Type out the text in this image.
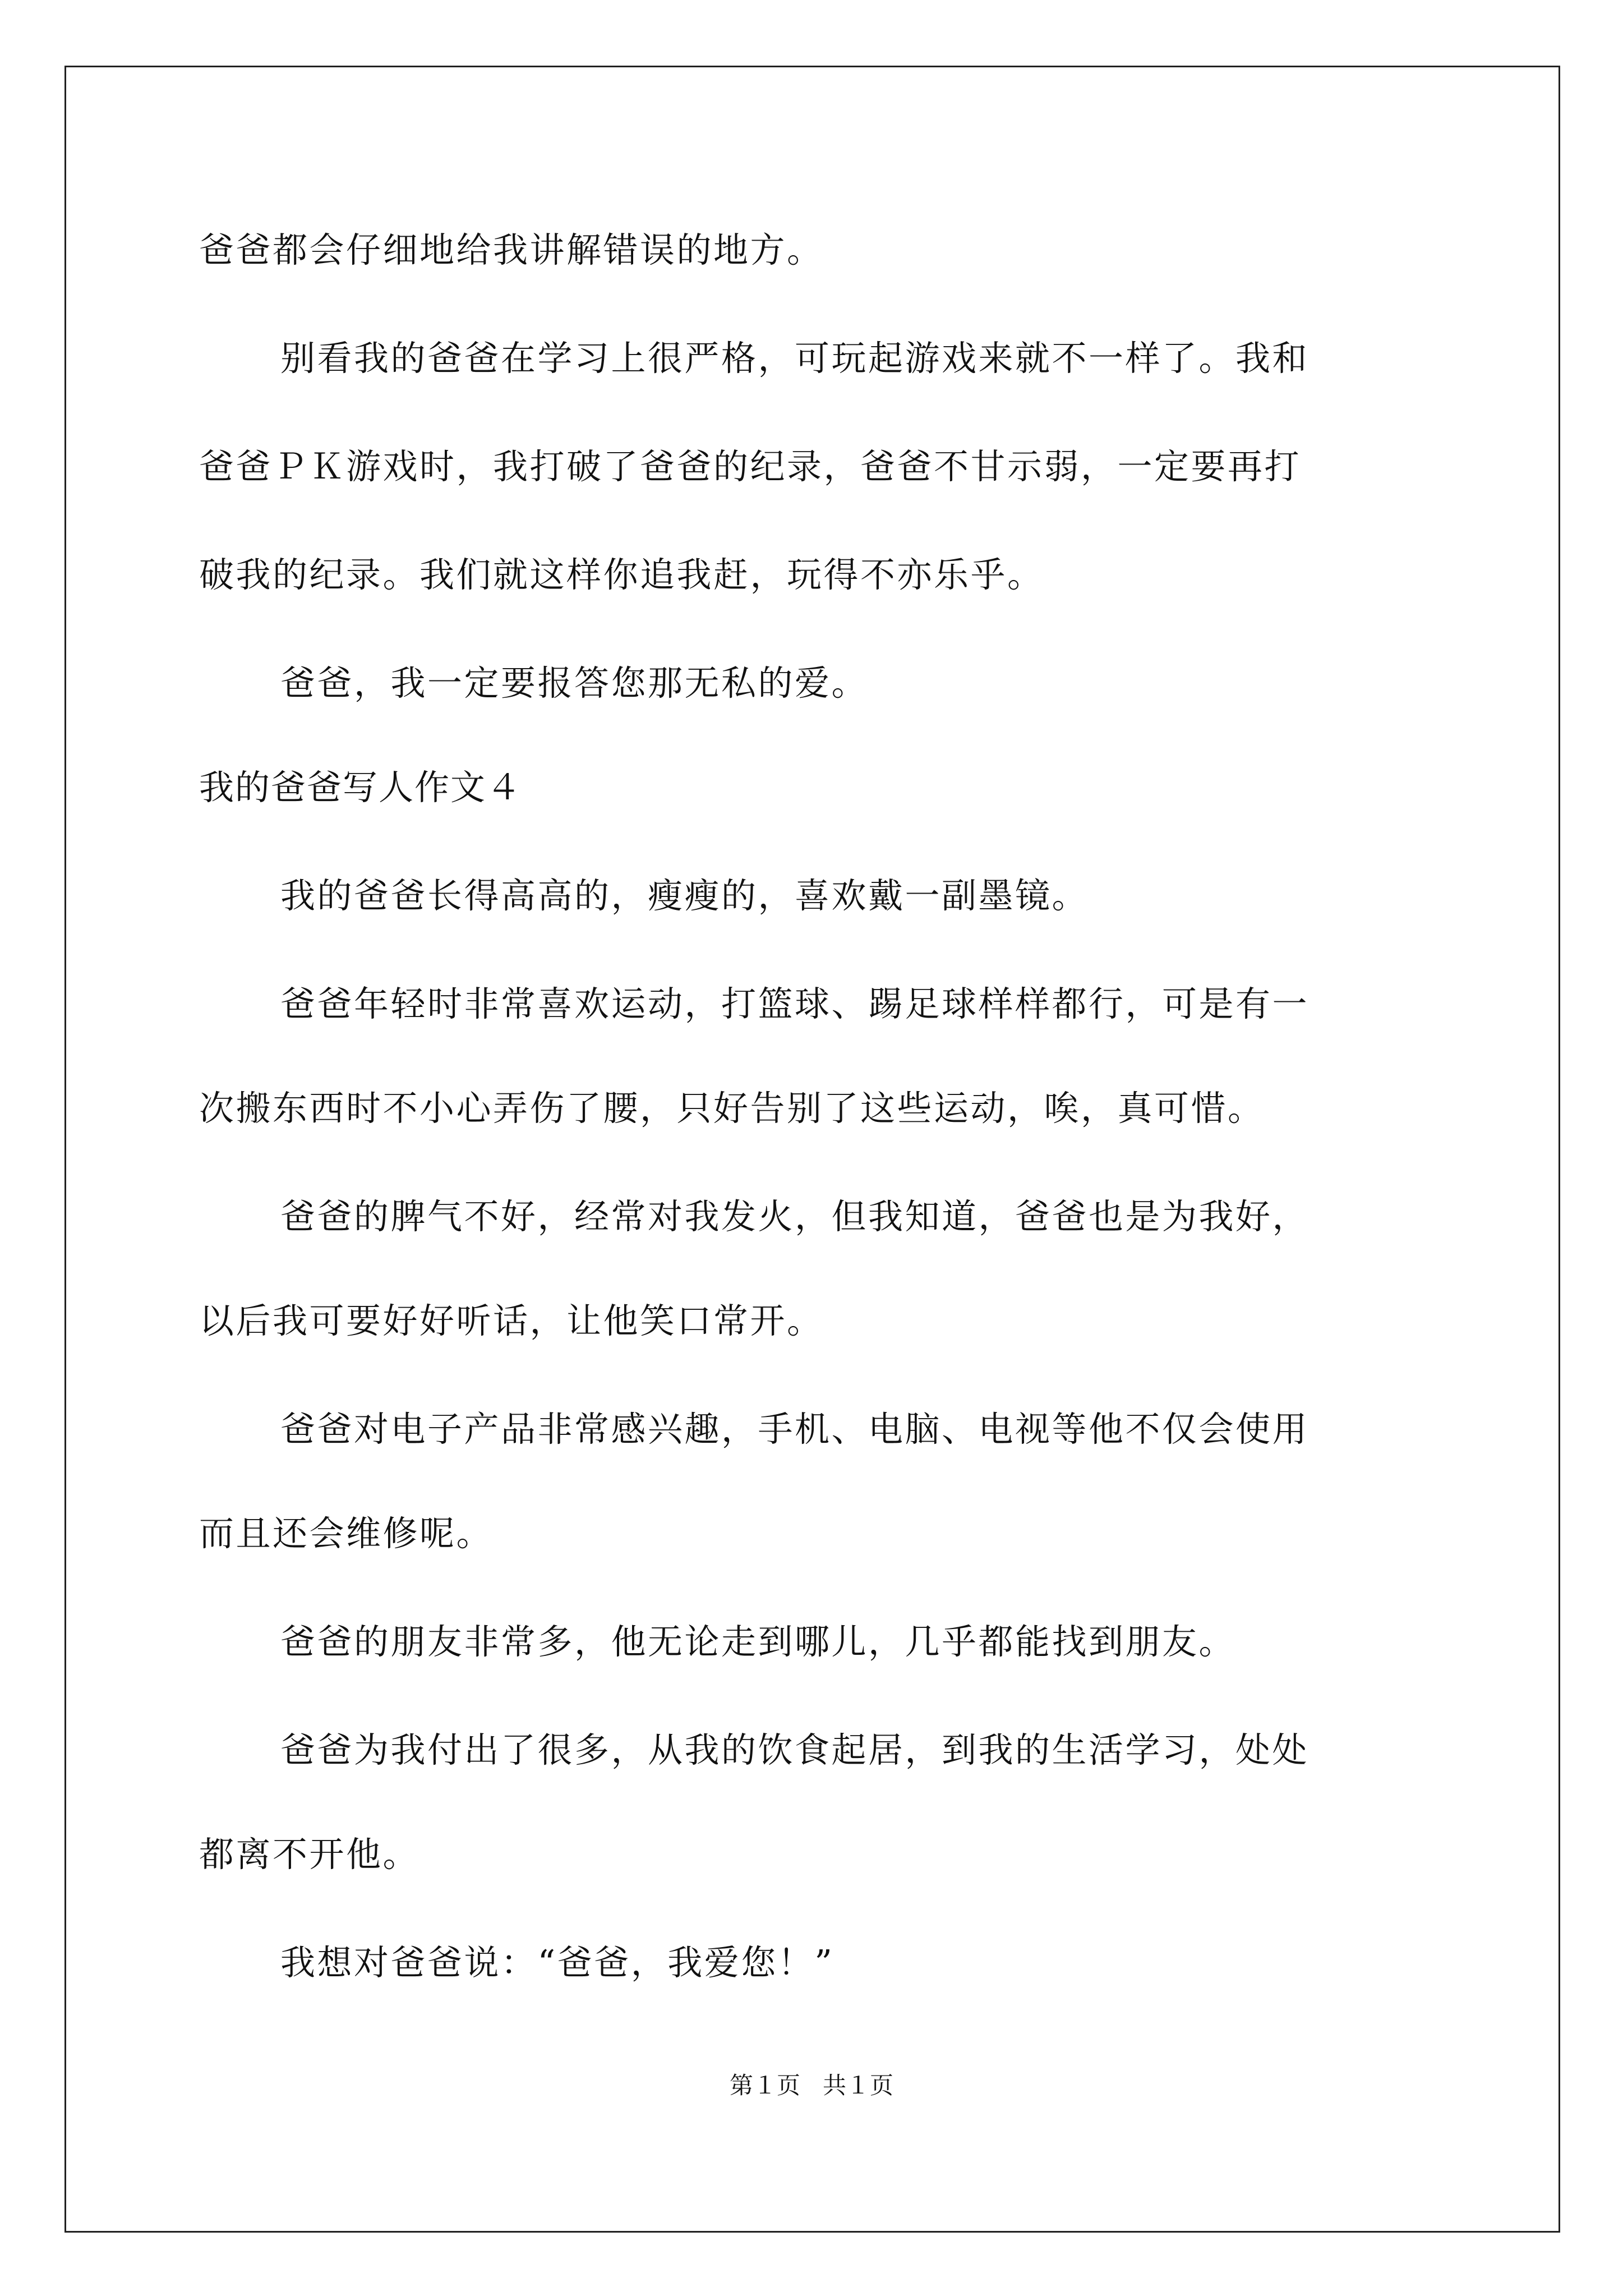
爸爸都会仔细地给我讲解错误的地方。
别看我的爸爸在学习上很严格，可玩起游戏来就不一样了。我和
爸爸ＰＫ游戏时，我打破了爸爸的纪录，爸爸不甘示弱，一定要再打
破我的纪录。我们就这样你追我赶，玩得不亦乐乎。
爸爸，我一定要报答您那无私的爱。
我的爸爸写人作文４
我的爸爸长得高高的，瘦瘦的，喜欢戴一副墨镜。
爸爸年轻时非常喜欢运动，打篮球、踢足球样样都行，可是有一
次搬东西时不小心弄伤了腰，只好告别了这些运动，唉，真可惜。
爸爸的脾气不好，经常对我发火，但我知道，爸爸也是为我好，
以后我可要好好听话，让他笑口常开。
爸爸对电子产品非常感兴趣，手机、电脑、电视等他不仅会使用
而且还会维修呢。
爸爸的朋友非常多，他无论走到哪儿，几乎都能找到朋友。
爸爸为我付出了很多，从我的饮食起居，到我的生活学习，处处
都离不开他。
我想对爸爸说：“爸爸，我爱您！”
第１页 共１页
